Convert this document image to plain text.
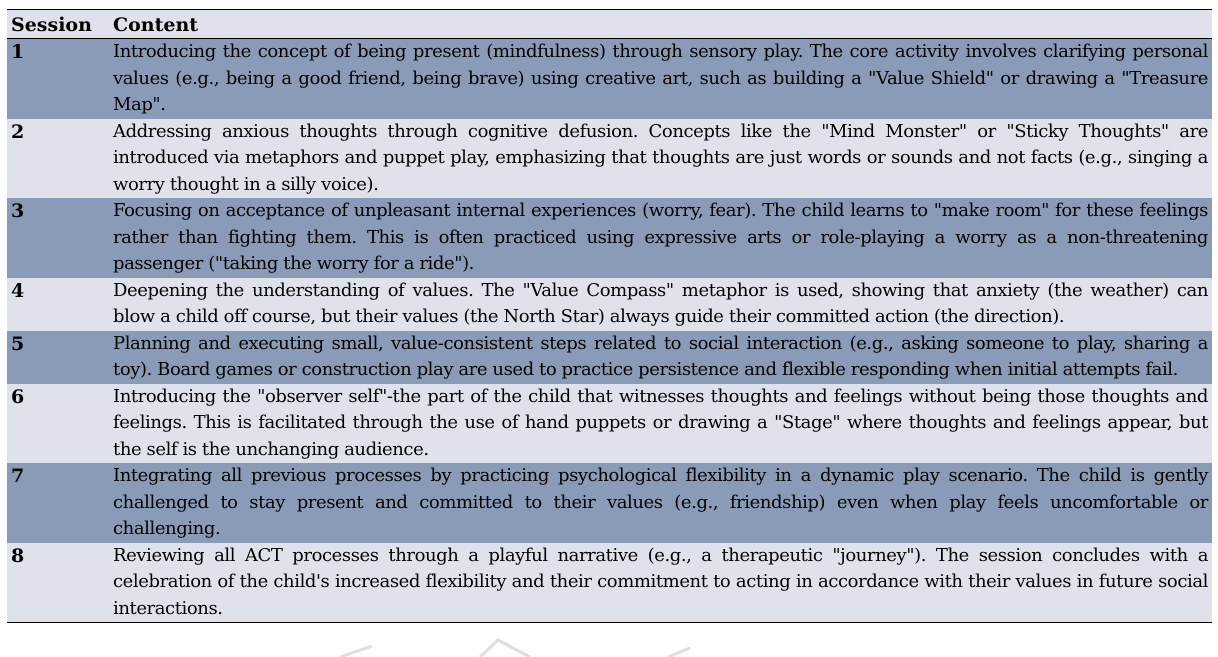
Session	Content
1	Introducing the concept of being present (mindfulness) through sensory play. The core activity involves clarifying personal values (e.g., being a good friend, being brave) using creative art, such as building a "Value Shield" or drawing a "Treasure Map".
2	Addressing anxious thoughts through cognitive defusion. Concepts like the "Mind Monster" or "Sticky Thoughts" are introduced via metaphors and puppet play, emphasizing that thoughts are just words or sounds and not facts (e.g., singing a worry thought in a silly voice).
3	Focusing on acceptance of unpleasant internal experiences (worry, fear). The child learns to "make room" for these feelings rather than fighting them. This is often practiced using expressive arts or role-playing a worry as a non-threatening passenger ("taking the worry for a ride").
4	Deepening the understanding of values. The "Value Compass" metaphor is used, showing that anxiety (the weather) can blow a child off course, but their values (the North Star) always guide their committed action (the direction).
5	Planning and executing small, value-consistent steps related to social interaction (e.g., asking someone to play, sharing a toy). Board games or construction play are used to practice persistence and flexible responding when initial attempts fail.
6	Introducing the "observer self"-the part of the child that witnesses thoughts and feelings without being those thoughts and feelings. This is facilitated through the use of hand puppets or drawing a "Stage" where thoughts and feelings appear, but the self is the unchanging audience.
7	Integrating all previous processes by practicing psychological flexibility in a dynamic play scenario. The child is gently challenged to stay present and committed to their values (e.g., friendship) even when play feels uncomfortable or challenging.
8	Reviewing all ACT processes through a playful narrative (e.g., a therapeutic "journey"). The session concludes with a celebration of the child's increased flexibility and their commitment to acting in accordance with their values in future social interactions.
